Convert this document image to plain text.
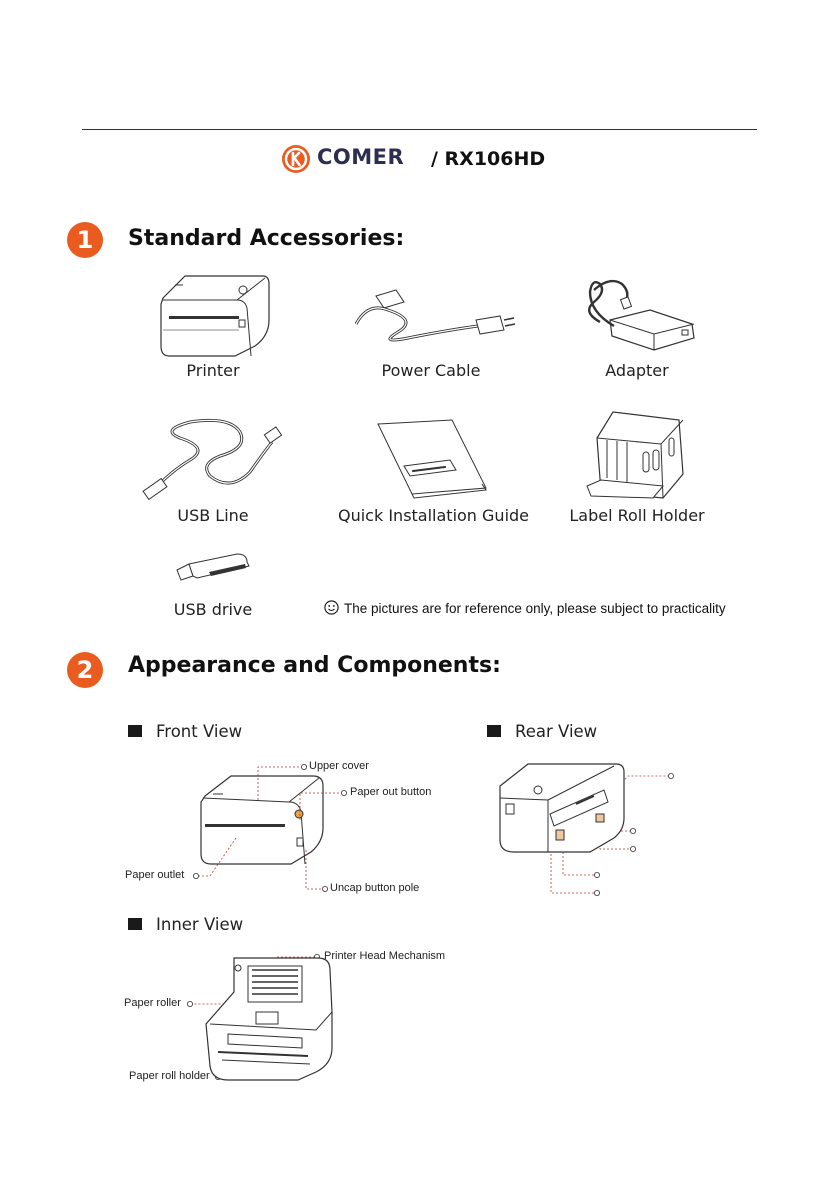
COMER / RX106HD
1	Standard Accessories:
Printer	Power Cable	Adapter
USB Line	Quick Installation Guide	Label Roll Holder
USB drive	The pictures are for reference only, please subject to practicality
2	Appearance and Components:
Front View
Upper cover
Paper out button
Paper outlet
Uncap button pole
Rear View
Inner View
Printer Head Mechanism
Paper roller
Paper roll holder
